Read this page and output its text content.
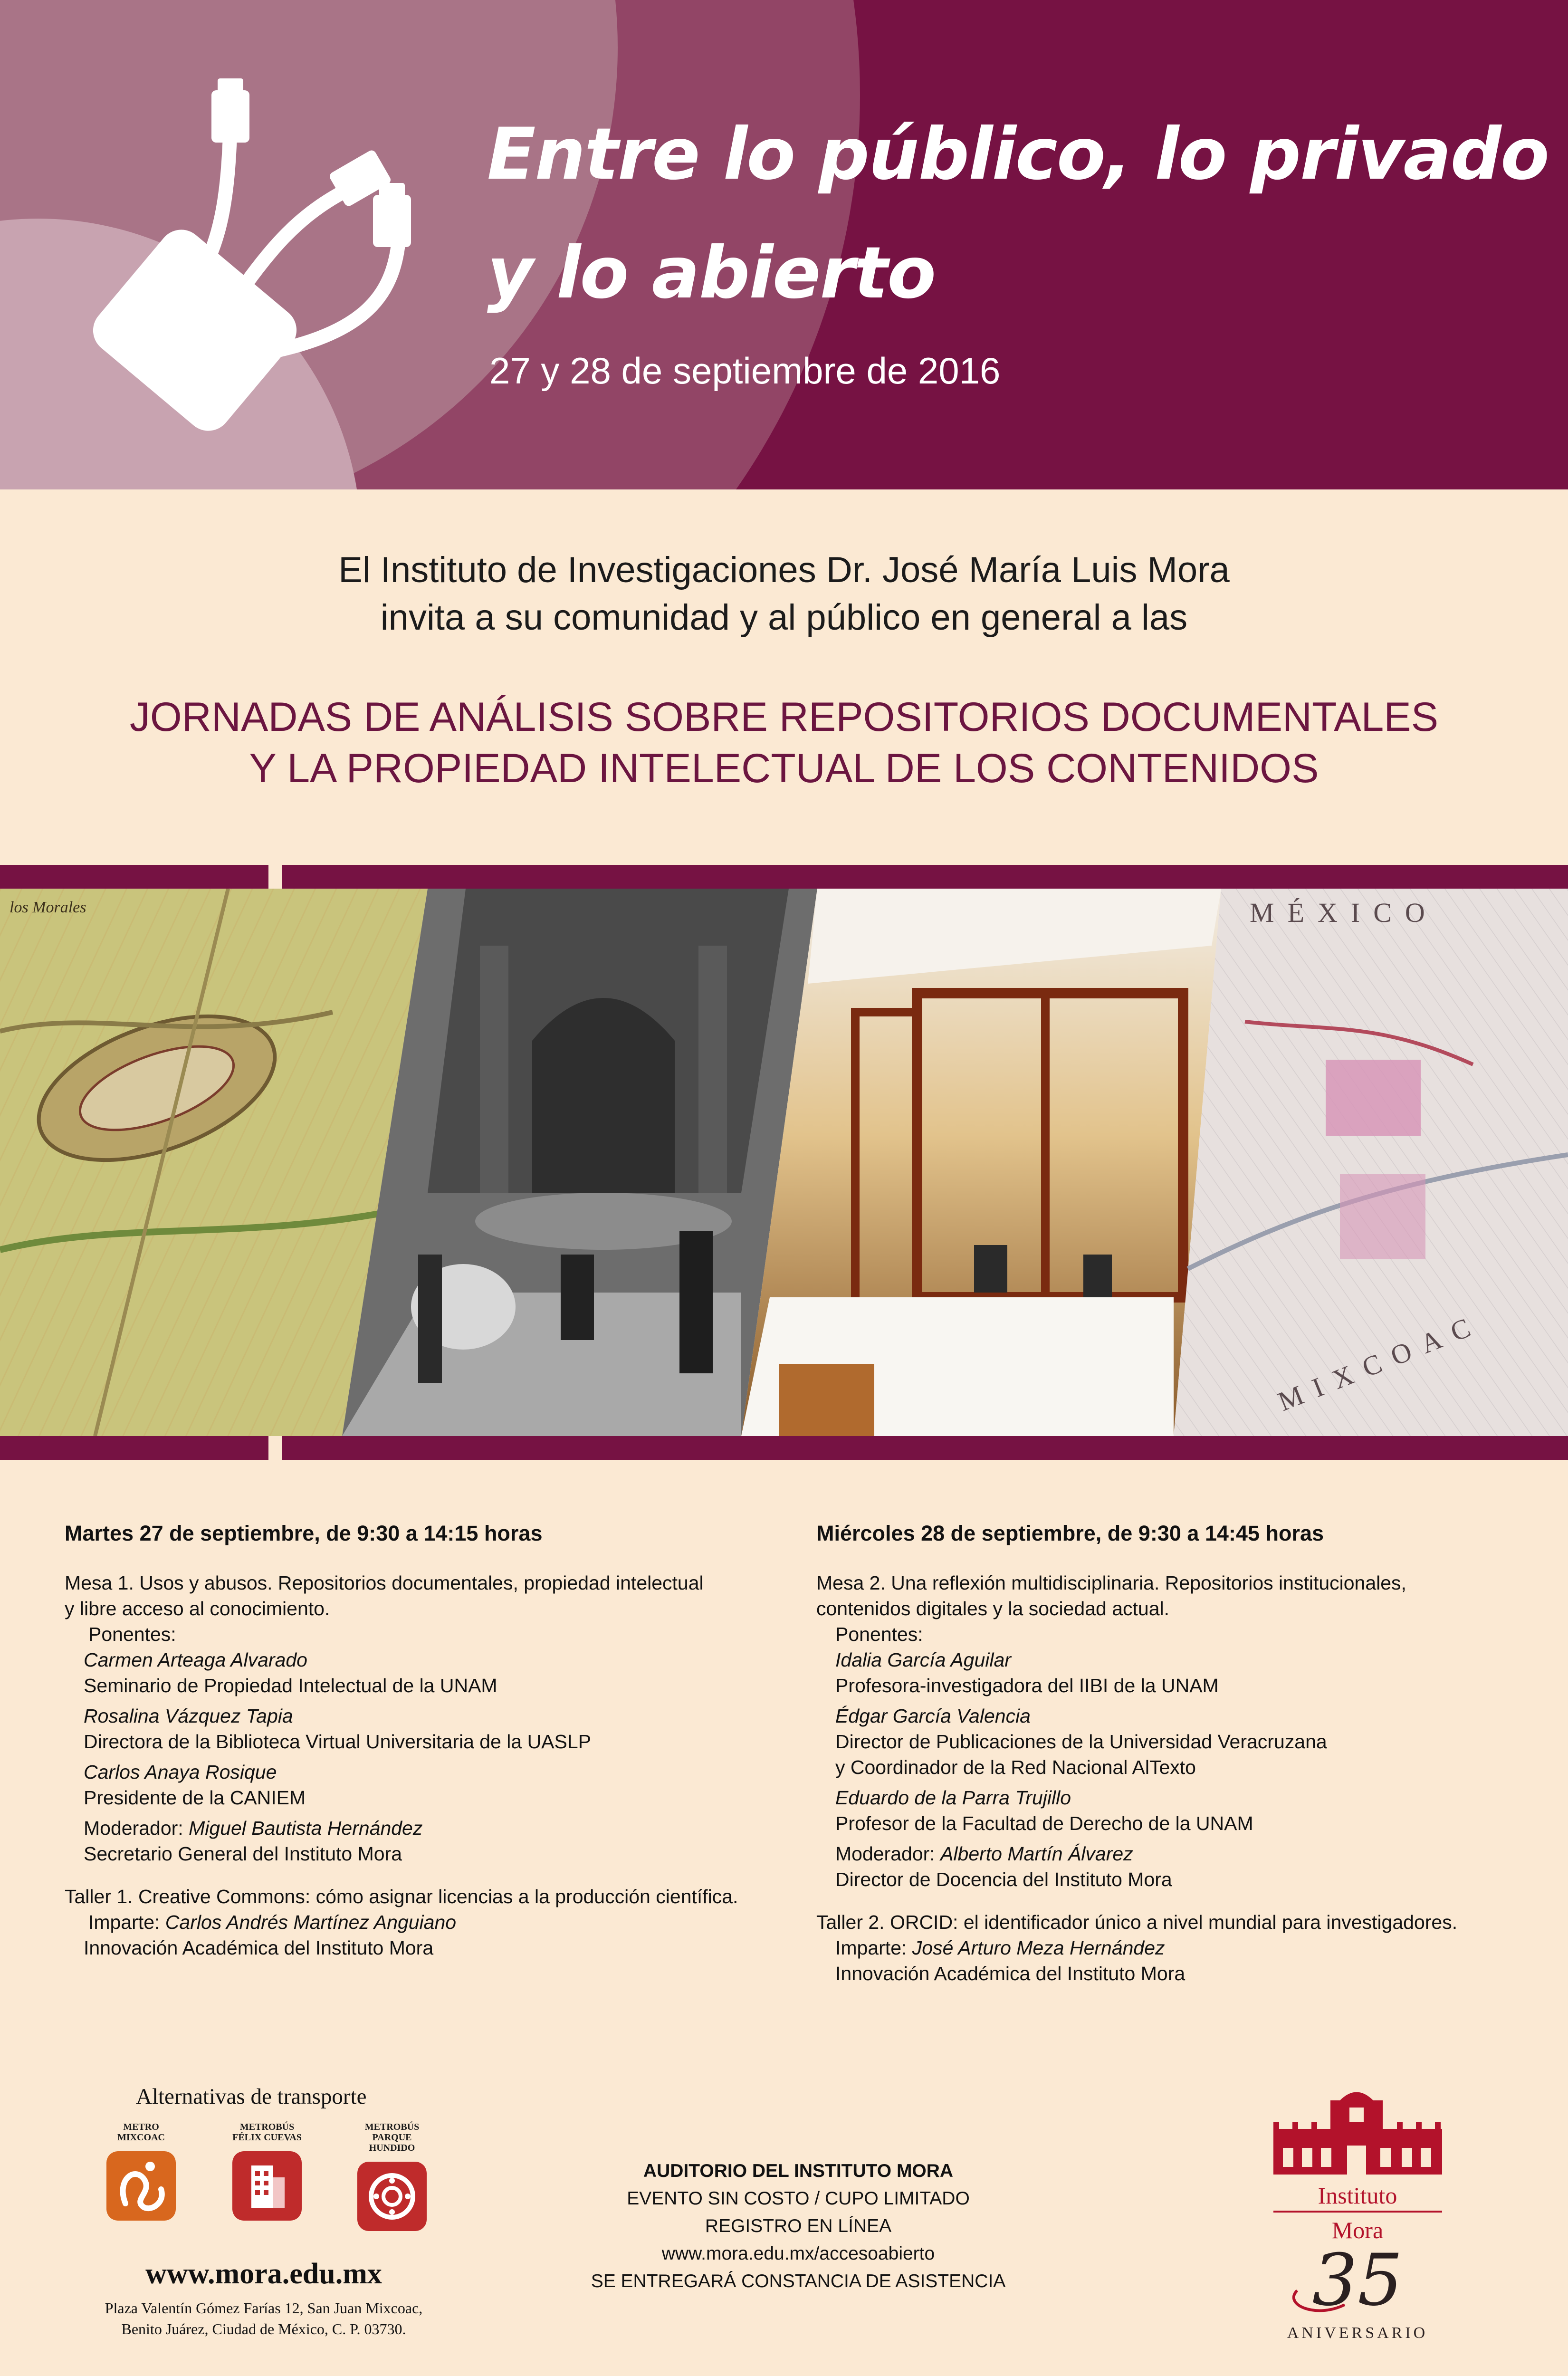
Entre lo público, lo privado
y lo abierto
27 y 28 de septiembre de 2016
El Instituto de Investigaciones Dr. José María Luis Mora
invita a su comunidad y al público en general a las
JORNADAS DE ANÁLISIS SOBRE REPOSITORIOS DOCUMENTALES
Y LA PROPIEDAD INTELECTUAL DE LOS CONTENIDOS
los Morales	MÉXICO
MIXCOAC

Martes 27 de septiembre, de 9:30 a 14:15 horas

Mesa 1. Usos y abusos. Repositorios documentales, propiedad intelectual

y libre acceso al conocimiento.

Ponentes:

Carmen Arteaga Alvarado

Seminario de Propiedad Intelectual de la UNAM

Rosalina Vázquez Tapia

Directora de la Biblioteca Virtual Universitaria de la UASLP

Carlos Anaya Rosique

Presidente de la CANIEM

Moderador: Miguel Bautista Hernández

Secretario General del Instituto Mora

Taller 1. Creative Commons: cómo asignar licencias a la producción científica.

Imparte: Carlos Andrés Martínez Anguiano

Innovación Académica del Instituto Mora

Miércoles 28 de septiembre, de 9:30 a 14:45 horas

Mesa 2. Una reflexión multidisciplinaria. Repositorios institucionales,

contenidos digitales y la sociedad actual.

Ponentes:

Idalia García Aguilar

Profesora-investigadora del IIBI de la UNAM

Édgar García Valencia

Director de Publicaciones de la Universidad Veracruzana

y Coordinador de la Red Nacional AlTexto

Eduardo de la Parra Trujillo

Profesor de la Facultad de Derecho de la UNAM

Moderador: Alberto Martín Álvarez

Director de Docencia del Instituto Mora

Taller 2. ORCID: el identificador único a nivel mundial para investigadores.

Imparte: José Arturo Meza Hernández

Innovación Académica del Instituto Mora

Alternativas de transporte
METRO
MIXCOAC
METROBÚS
FÉLIX CUEVAS
METROBÚS
PARQUE HUNDIDO
www.mora.edu.mx
Plaza Valentín Gómez Farías 12, San Juan Mixcoac,
Benito Juárez, Ciudad de México, C. P. 03730.
AUDITORIO DEL INSTITUTO MORA
EVENTO SIN COSTO / CUPO LIMITADO
REGISTRO EN LÍNEA
www.mora.edu.mx/accesoabierto
SE ENTREGARÁ CONSTANCIA DE ASISTENCIA
Instituto
Mora
35
ANIVERSARIO
